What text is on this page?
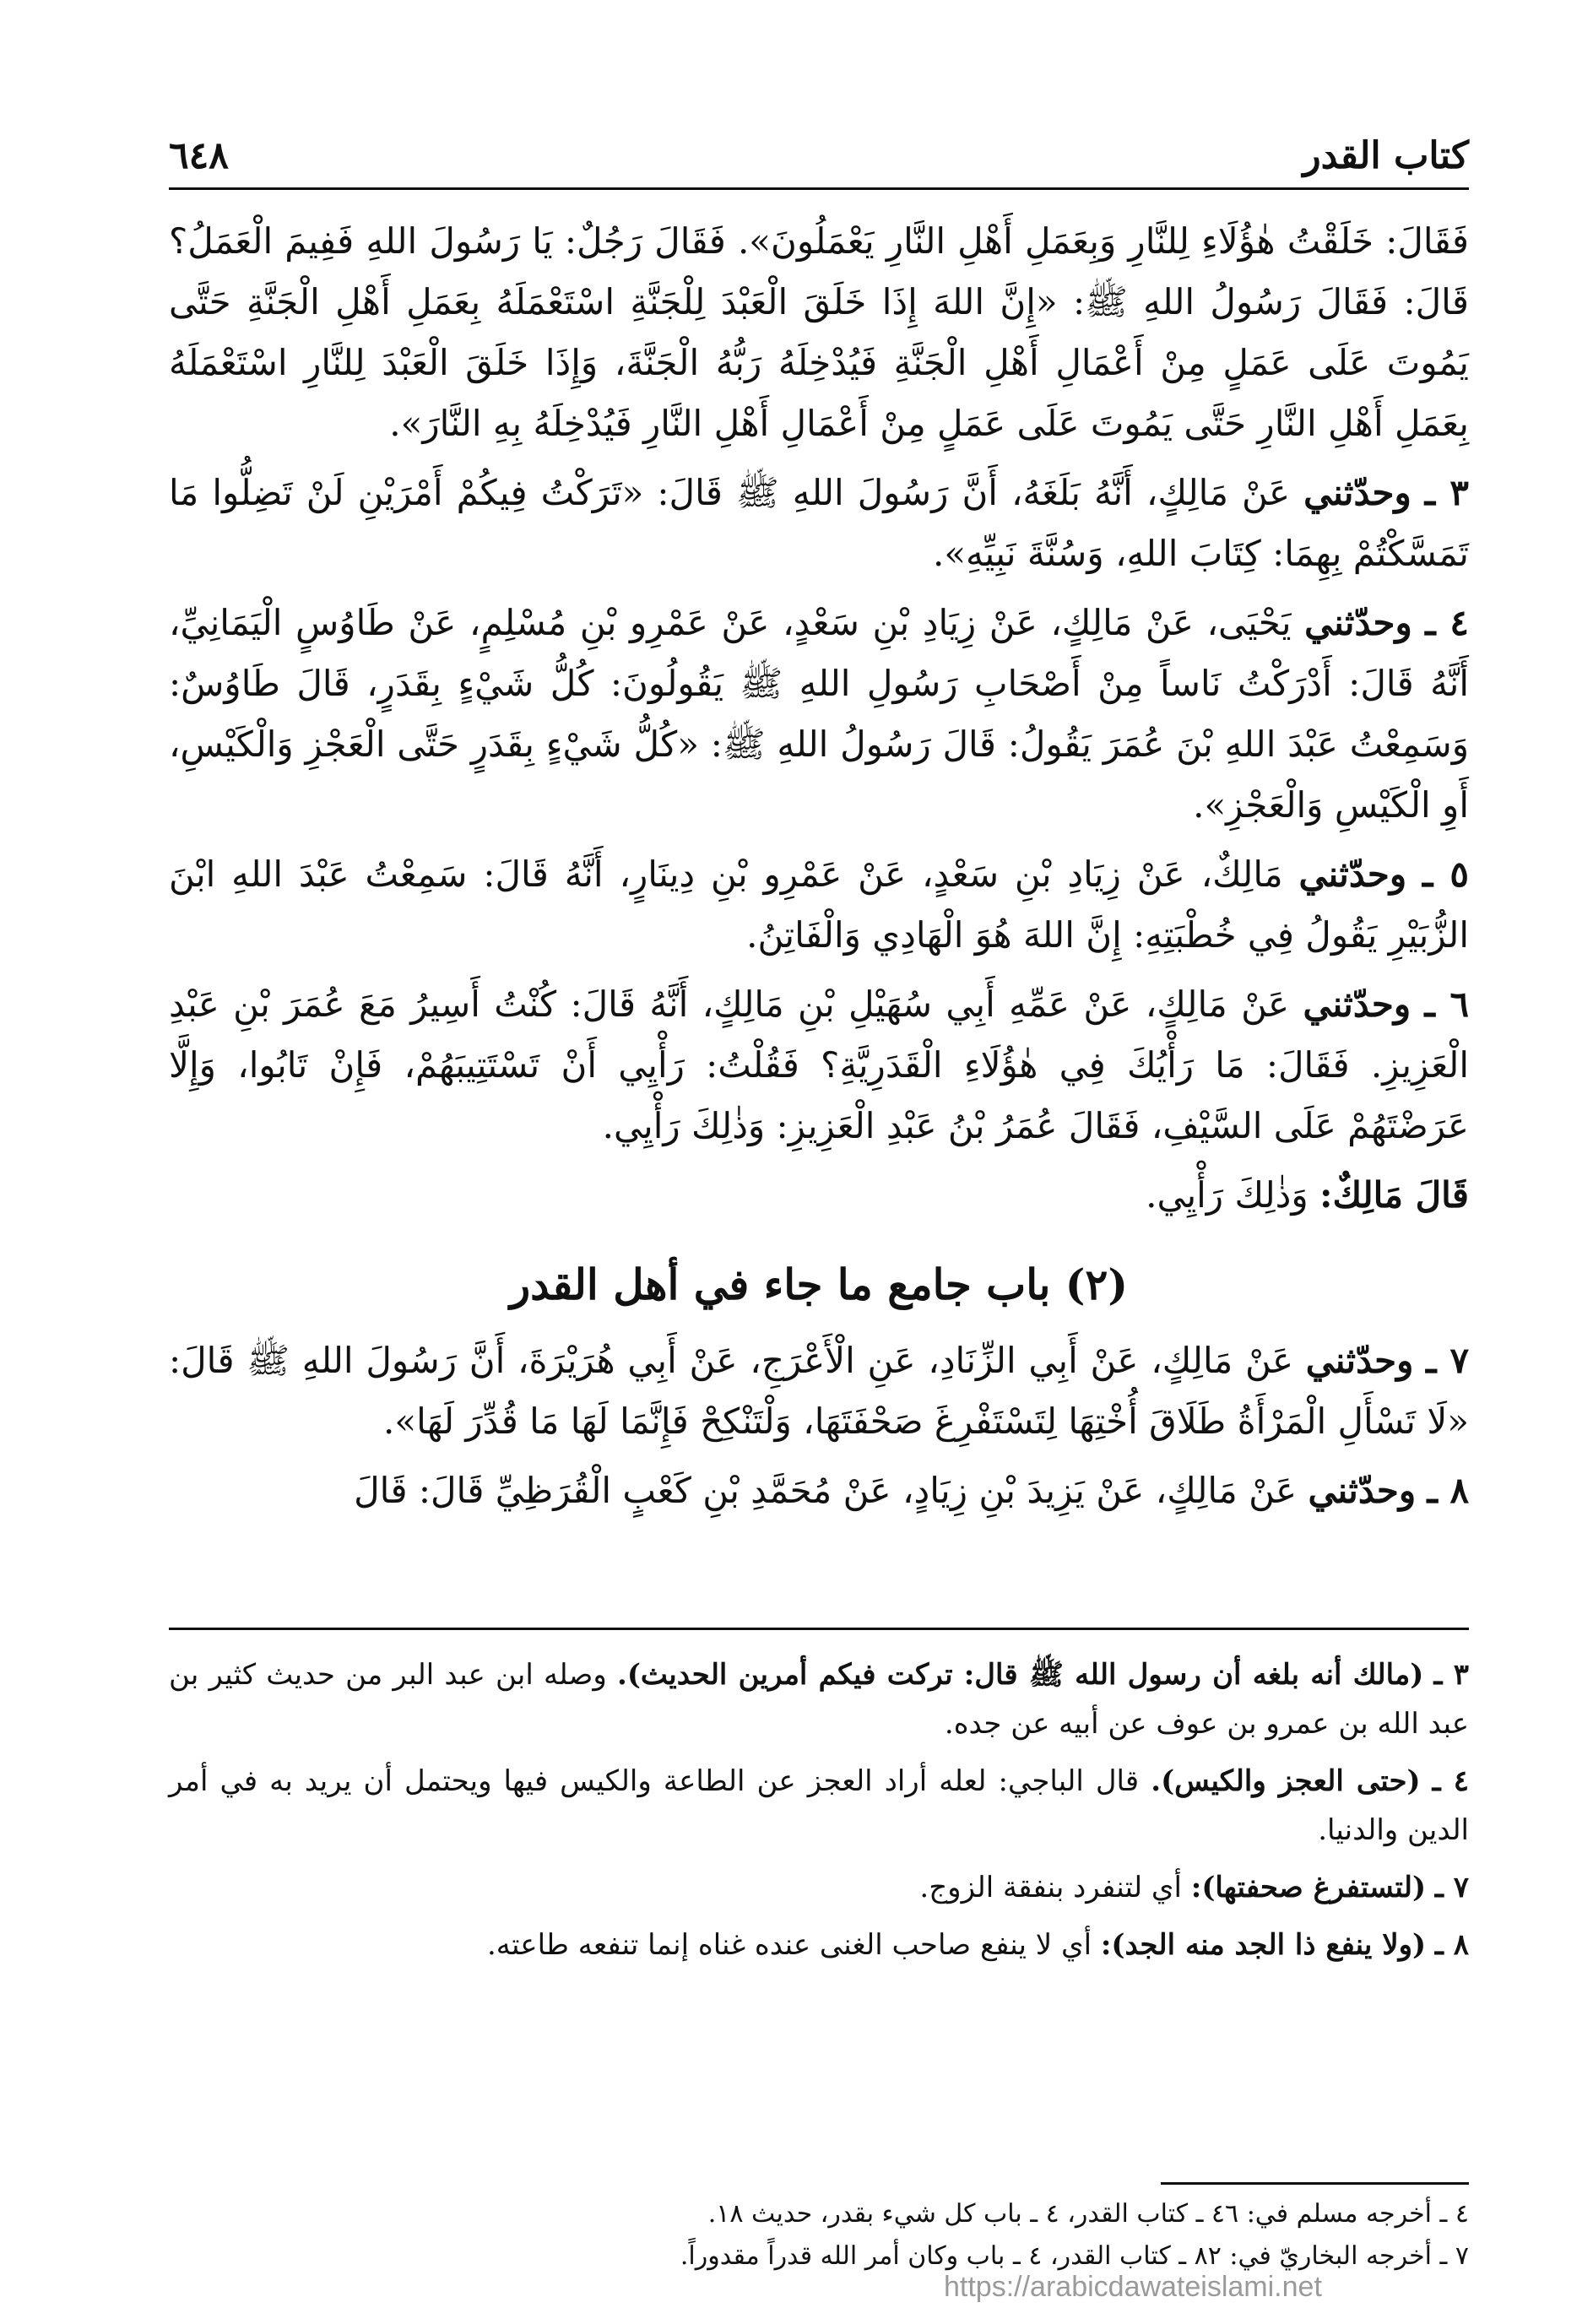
كتاب القدر
٦٤٨

فَقَالَ: خَلَقْتُ هٰؤُلَاءِ لِلنَّارِ وَبِعَمَلِ أَهْلِ النَّارِ يَعْمَلُونَ». فَقَالَ رَجُلٌ: يَا رَسُولَ اللهِ فَفِيمَ الْعَمَلُ؟ قَالَ: فَقَالَ رَسُولُ اللهِ ﷺ: «إِنَّ اللهَ إِذَا خَلَقَ الْعَبْدَ لِلْجَنَّةِ اسْتَعْمَلَهُ بِعَمَلِ أَهْلِ الْجَنَّةِ حَتَّى يَمُوتَ عَلَى عَمَلٍ مِنْ أَعْمَالِ أَهْلِ الْجَنَّةِ فَيُدْخِلَهُ رَبُّهُ الْجَنَّةَ، وَإِذَا خَلَقَ الْعَبْدَ لِلنَّارِ اسْتَعْمَلَهُ بِعَمَلِ أَهْلِ النَّارِ حَتَّى يَمُوتَ عَلَى عَمَلٍ مِنْ أَعْمَالِ أَهْلِ النَّارِ فَيُدْخِلَهُ بِهِ النَّارَ».

٣ ـ وحدّثني عَنْ مَالِكٍ، أَنَّهُ بَلَغَهُ، أَنَّ رَسُولَ اللهِ ﷺ قَالَ: «تَرَكْتُ فِيكُمْ أَمْرَيْنِ لَنْ تَضِلُّوا مَا تَمَسَّكْتُمْ بِهِمَا: كِتَابَ اللهِ، وَسُنَّةَ نَبِيِّهِ».

٤ ـ وحدّثني يَحْيَى، عَنْ مَالِكٍ، عَنْ زِيَادِ بْنِ سَعْدٍ، عَنْ عَمْرِو بْنِ مُسْلِمٍ، عَنْ طَاوُسٍ الْيَمَانِيِّ، أَنَّهُ قَالَ: أَدْرَكْتُ نَاساً مِنْ أَصْحَابِ رَسُولِ اللهِ ﷺ يَقُولُونَ: كُلُّ شَيْءٍ بِقَدَرٍ، قَالَ طَاوُسٌ: وَسَمِعْتُ عَبْدَ اللهِ بْنَ عُمَرَ يَقُولُ: قَالَ رَسُولُ اللهِ ﷺ: «كُلُّ شَيْءٍ بِقَدَرٍ حَتَّى الْعَجْزِ وَالْكَيْسِ، أَوِ الْكَيْسِ وَالْعَجْزِ».

٥ ـ وحدّثني مَالِكٌ، عَنْ زِيَادِ بْنِ سَعْدٍ، عَنْ عَمْرِو بْنِ دِينَارٍ، أَنَّهُ قَالَ: سَمِعْتُ عَبْدَ اللهِ ابْنَ الزُّبَيْرِ يَقُولُ فِي خُطْبَتِهِ: إِنَّ اللهَ هُوَ الْهَادِي وَالْفَاتِنُ.

٦ ـ وحدّثني عَنْ مَالِكٍ، عَنْ عَمِّهِ أَبِي سُهَيْلِ بْنِ مَالِكٍ، أَنَّهُ قَالَ: كُنْتُ أَسِيرُ مَعَ عُمَرَ بْنِ عَبْدِ الْعَزِيزِ. فَقَالَ: مَا رَأْيُكَ فِي هٰؤُلَاءِ الْقَدَرِيَّةِ؟ فَقُلْتُ: رَأْيِي أَنْ تَسْتَتِيبَهُمْ، فَإِنْ تَابُوا، وَإِلَّا عَرَضْتَهُمْ عَلَى السَّيْفِ، فَقَالَ عُمَرُ بْنُ عَبْدِ الْعَزِيزِ: وَذٰلِكَ رَأْيِي.

قَالَ مَالِكٌ: وَذٰلِكَ رَأْيِي.

(٢) باب جامع ما جاء في أهل القدر

٧ ـ وحدّثني عَنْ مَالِكٍ، عَنْ أَبِي الزِّنَادِ، عَنِ الْأَعْرَجِ، عَنْ أَبِي هُرَيْرَةَ، أَنَّ رَسُولَ اللهِ ﷺ قَالَ: «لَا تَسْأَلِ الْمَرْأَةُ طَلَاقَ أُخْتِهَا لِتَسْتَفْرِغَ صَحْفَتَهَا، وَلْتَنْكِحْ فَإِنَّمَا لَهَا مَا قُدِّرَ لَهَا».

٨ ـ وحدّثني عَنْ مَالِكٍ، عَنْ يَزِيدَ بْنِ زِيَادٍ، عَنْ مُحَمَّدِ بْنِ كَعْبٍ الْقُرَظِيِّ قَالَ: قَالَ

٣ ـ (مالك أنه بلغه أن رسول الله ﷺ قال: تركت فيكم أمرين الحديث). وصله ابن عبد البر من حديث كثير بن عبد الله بن عمرو بن عوف عن أبيه عن جده.

٤ ـ (حتى العجز والكيس). قال الباجي: لعله أراد العجز عن الطاعة والكيس فيها ويحتمل أن يريد به في أمر الدين والدنيا.

٧ ـ (لتستفرغ صحفتها): أي لتنفرد بنفقة الزوج.

٨ ـ (ولا ينفع ذا الجد منه الجد): أي لا ينفع صاحب الغنى عنده غناه إنما تنفعه طاعته.

٤ ـ أخرجه مسلم في: ٤٦ ـ كتاب القدر، ٤ ـ باب كل شيء بقدر، حديث ١٨.

٧ ـ أخرجه البخاريّ في: ٨٢ ـ كتاب القدر، ٤ ـ باب وكان أمر الله قدراً مقدوراً.

https://arabicdawateislami.net
